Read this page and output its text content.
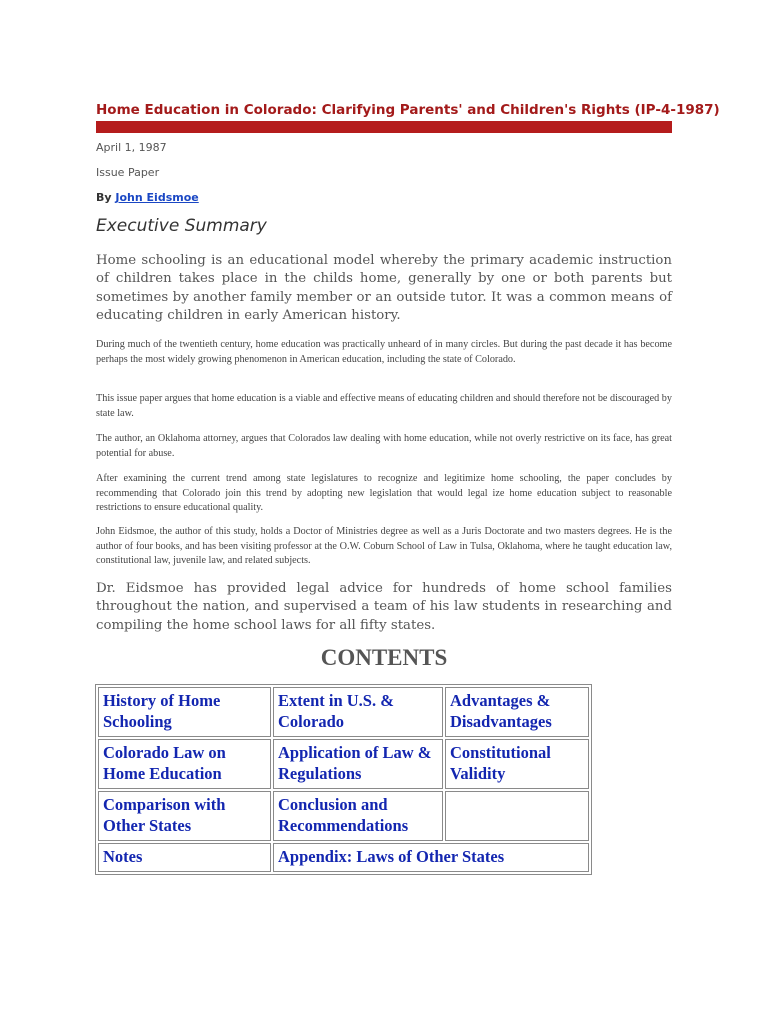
Home Education in Colorado: Clarifying Parents' and Children's Rights (IP-4-1987)
April 1, 1987
Issue Paper
By John Eidsmoe
Executive Summary

Home schooling is an educational model whereby the primary academic instruction of children takes place in the childs home, generally by one or both parents but sometimes by another family member or an outside tutor. It was a common means of educating children in early American history.

During much of the twentieth century, home education was practically unheard of in many circles. But during the past decade it has become perhaps the most widely growing phenomenon in American education, including the state of Colorado.

This issue paper argues that home education is a viable and effective means of educating children and should therefore not be discouraged by state law.

The author, an Oklahoma attorney, argues that Colorados law dealing with home education, while not overly restrictive on its face, has great potential for abuse.

After examining the current trend among state legislatures to recognize and legitimize home schooling, the paper concludes by recommending that Colorado join this trend by adopting new legislation that would legal ize home education subject to reasonable restrictions to ensure educational quality.

John Eidsmoe, the author of this study, holds a Doctor of Ministries degree as well as a Juris Doctorate and two masters degrees. He is the author of four books, and has been visiting professor at the O.W. Coburn School of Law in Tulsa, Oklahoma, where he taught education law, constitutional law, juvenile law, and related subjects.

Dr. Eidsmoe has provided legal advice for hundreds of home school families throughout the nation, and supervised a team of his law students in researching and compiling the home school laws for all fifty states.

CONTENTS
History of Home Schooling	Extent in U.S. & Colorado	Advantages & Disadvantages
Colorado Law on Home Education	Application of Law & Regulations	Constitutional Validity
Comparison with Other States	Conclusion and Recommendations	
Notes	Appendix: Laws of Other States	
